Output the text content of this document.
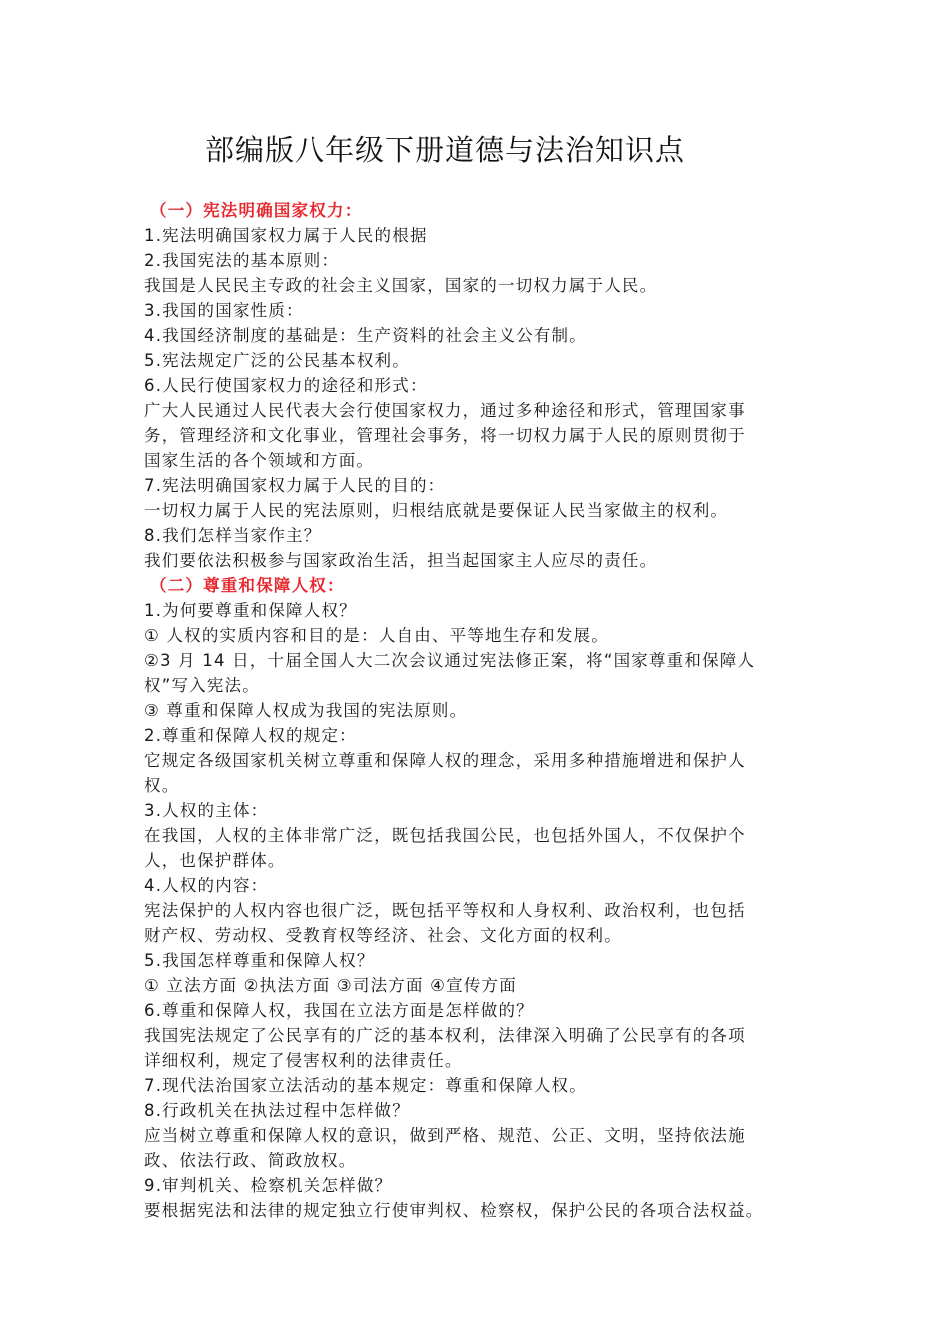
部编版八年级下册道德与法治知识点
（一）宪法明确国家权力：
1.宪法明确国家权力属于人民的根据
2.我国宪法的基本原则：
我国是人民民主专政的社会主义国家，国家的一切权力属于人民。
3.我国的国家性质：
4.我国经济制度的基础是：生产资料的社会主义公有制。
5.宪法规定广泛的公民基本权利。
6.人民行使国家权力的途径和形式：
广大人民通过人民代表大会行使国家权力，通过多种途径和形式，管理国家事
务，管理经济和文化事业，管理社会事务，将一切权力属于人民的原则贯彻于
国家生活的各个领域和方面。
7.宪法明确国家权力属于人民的目的：
一切权力属于人民的宪法原则，归根结底就是要保证人民当家做主的权利。
8.我们怎样当家作主？
我们要依法积极参与国家政治生活，担当起国家主人应尽的责任。
（二）尊重和保障人权：
1.为何要尊重和保障人权？
① 人权的实质内容和目的是：人自由、平等地生存和发展。
②3 月 14 日，十届全国人大二次会议通过宪法修正案，将“国家尊重和保障人
权”写入宪法。
③ 尊重和保障人权成为我国的宪法原则。
2.尊重和保障人权的规定：
它规定各级国家机关树立尊重和保障人权的理念，采用多种措施增进和保护人
权。
3.人权的主体：
在我国，人权的主体非常广泛，既包括我国公民，也包括外国人，不仅保护个
人，也保护群体。
4.人权的内容：
宪法保护的人权内容也很广泛，既包括平等权和人身权利、政治权利，也包括
财产权、劳动权、受教育权等经济、社会、文化方面的权利。
5.我国怎样尊重和保障人权？
① 立法方面 ②执法方面 ③司法方面 ④宣传方面
6.尊重和保障人权，我国在立法方面是怎样做的？
我国宪法规定了公民享有的广泛的基本权利，法律深入明确了公民享有的各项
详细权利，规定了侵害权利的法律责任。
7.现代法治国家立法活动的基本规定：尊重和保障人权。
8.行政机关在执法过程中怎样做？
应当树立尊重和保障人权的意识，做到严格、规范、公正、文明，坚持依法施
政、依法行政、简政放权。
9.审判机关、检察机关怎样做？
要根据宪法和法律的规定独立行使审判权、检察权，保护公民的各项合法权益。
